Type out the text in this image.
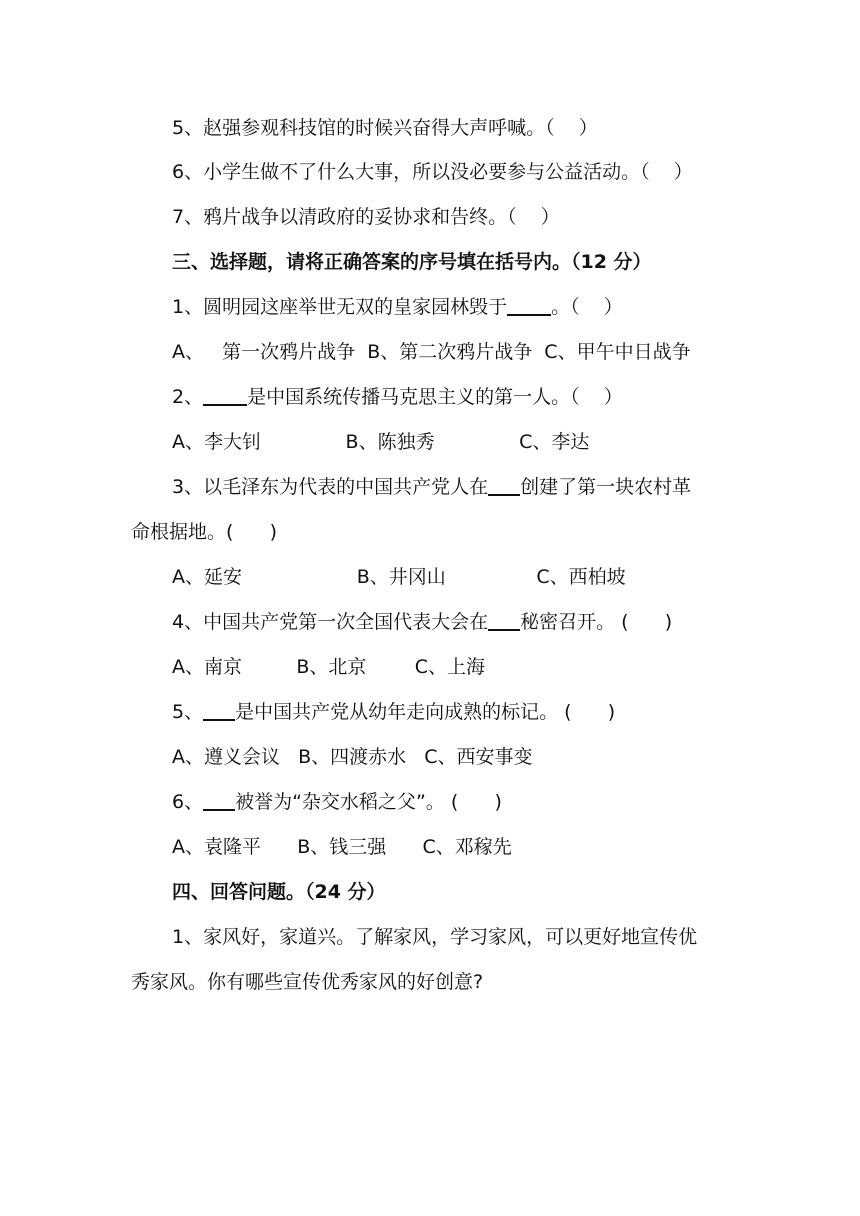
5、赵强参观科技馆的时候兴奋得大声呼喊。（    ）
6、小学生做不了什么大事，所以没必要参与公益活动。（    ）
7、鸦片战争以清政府的妥协求和告终。（    ）
三、选择题，请将正确答案的序号填在括号内。（12 分）
1、圆明园这座举世无双的皇家园林毁于 。（    ）
A、   第一次鸦片战争  B、第二次鸦片战争  C、甲午中日战争
2、 是中国系统传播马克思主义的第一人。（    ）
A、李大钊              B、陈独秀              C、李达
3、以毛泽东为代表的中国共产党人在 创建了第一块农村革
命根据地。(      )
A、延安                   B、井冈山               C、西柏坡
4、中国共产党第一次全国代表大会在 秘密召开。 (      )
A、南京         B、北京        C、上海
5、 是中国共产党从幼年走向成熟的标记。 (      )
A、遵义会议   B、四渡赤水   C、西安事变
6、 被誉为“杂交水稻之父”。 (      )
A、袁隆平      B、钱三强      C、邓稼先
四、回答问题。（24 分）
1、家风好，家道兴。了解家风，学习家风，可以更好地宣传优
秀家风。你有哪些宣传优秀家风的好创意?
